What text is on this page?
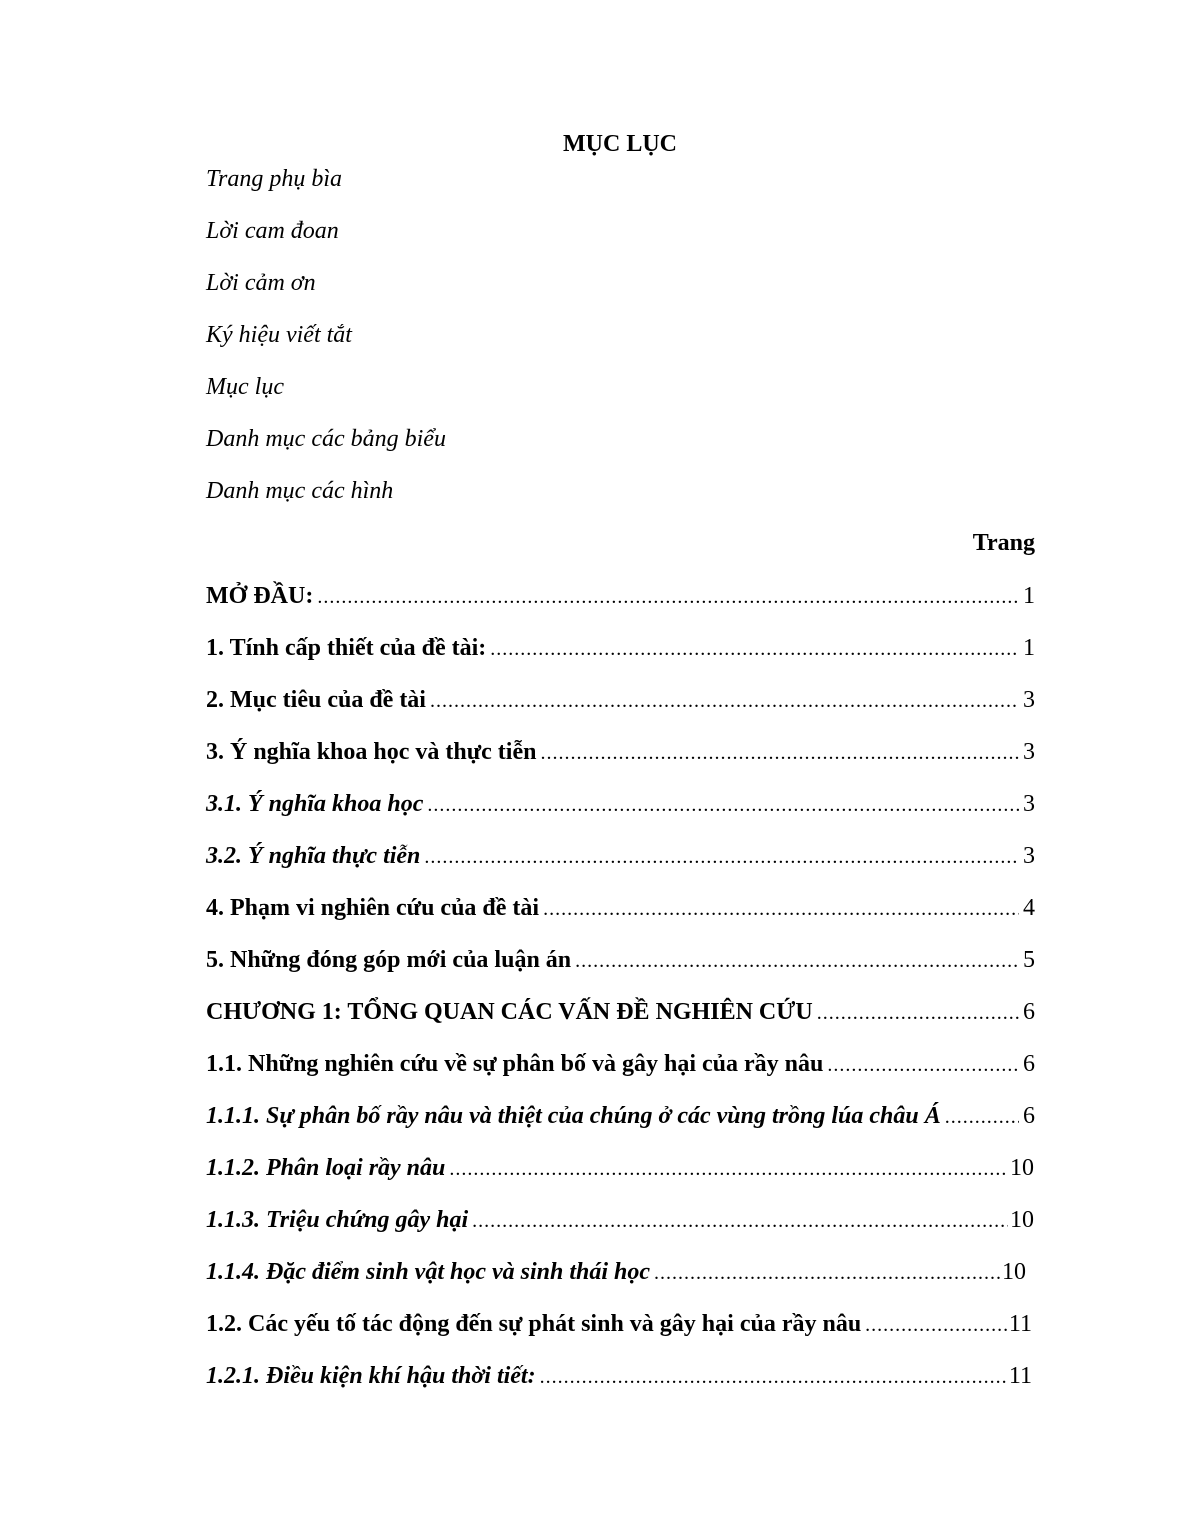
MỤC LỤC
Trang phụ bìa
Lời cam đoan
Lời cảm ơn
Ký hiệu viết tắt
Mục lục
Danh mục các bảng biểu
Danh mục các hình
Trang
MỞ ĐẦU: .....	1
1. Tính cấp thiết của đề tài: .....	1
2. Mục tiêu của đề tài .....	3
3. Ý nghĩa khoa học và thực tiễn .....	3
3.1. Ý nghĩa khoa học .....	3
3.2. Ý nghĩa thực tiễn .....	3
4. Phạm vi nghiên cứu của đề tài .....	4
5. Những đóng góp mới của luận án .....	5
CHƯƠNG 1: TỔNG QUAN CÁC VẤN ĐỀ NGHIÊN CỨU .....	6
1.1. Những nghiên cứu về sự phân bố và gây hại của rầy nâu .....	6
1.1.1. Sự phân bố rầy nâu và thiệt của chúng ở các vùng trồng lúa châu Á .....	6
1.1.2. Phân loại rầy nâu .....	10
1.1.3. Triệu chứng gây hại .....	10
1.1.4. Đặc điểm sinh vật học và sinh thái học .....	10
1.2. Các yếu tố tác động đến sự phát sinh và gây hại của rầy nâu .....	11
1.2.1. Điều kiện khí hậu thời tiết: .....	11
